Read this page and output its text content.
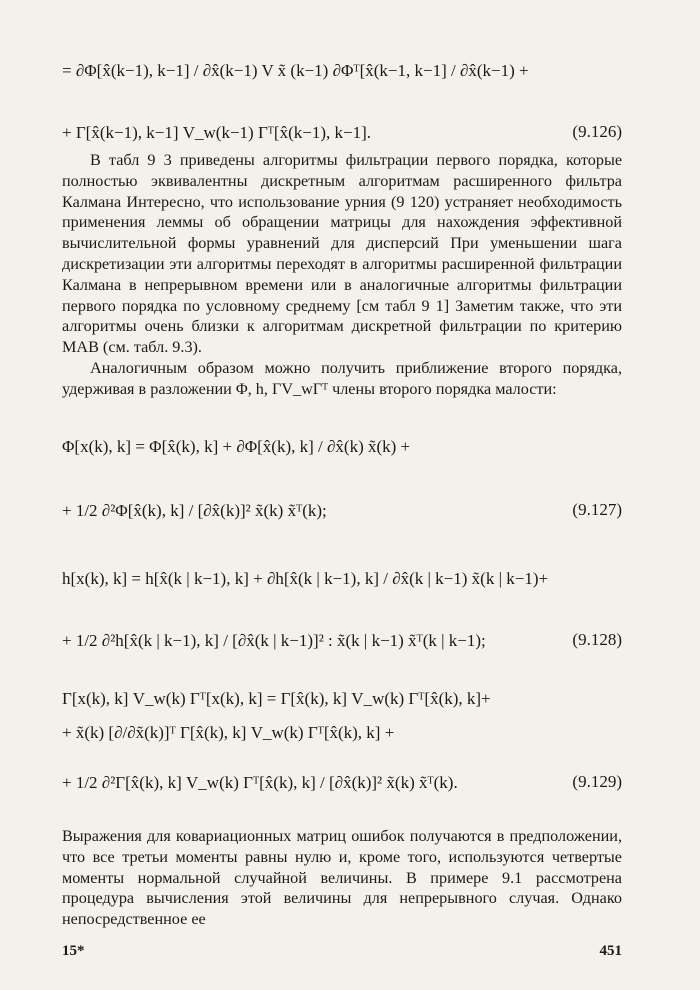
= ∂Φ[x̂(k−1), k−1] / ∂x̂(k−1) V x̃ (k−1) ∂Φᵀ[x̂(k−1, k−1] / ∂x̂(k−1) +
+ Γ[x̂(k−1), k−1] V_w(k−1) Γᵀ[x̂(k−1), k−1].	(9.126)

В табл 9 3 приведены алгоритмы фильтрации первого порядка, которые полностью эквивалентны дискретным алгоритмам расширенного фильтра Калмана Интересно, что использование урния (9 120) устраняет необходимость применения леммы об обращении матрицы для нахождения эффективной вычислительной формы уравнений для дисперсий При уменьшении шага дискретизации эти алгоритмы переходят в алгоритмы расширенной фильтрации Калмана в непрерывном времени или в аналогичные алгоритмы фильтрации первого порядка по условному среднему [см табл 9 1] Заметим также, что эти алгоритмы очень близки к алгоритмам дискретной фильтрации по критерию МАВ (см. табл. 9.3).

Аналогичным образом можно получить приближение второго порядка, удерживая в разложении Φ, h, ΓV_wΓᵀ члены второго порядка малости:

Φ[x(k), k] = Φ[x̂(k), k] + ∂Φ[x̂(k), k] / ∂x̂(k) x̃(k) +
+ 1/2 ∂²Φ[x̂(k), k] / [∂x̂(k)]² x̃(k) x̃ᵀ(k);	(9.127)
h[x(k), k] = h[x̂(k | k−1), k] + ∂h[x̂(k | k−1), k] / ∂x̂(k | k−1) x̃(k | k−1)+
+ 1/2 ∂²h[x̂(k | k−1), k] / [∂x̂(k | k−1)]² : x̃(k | k−1) x̃ᵀ(k | k−1);	(9.128)
Γ[x(k), k] V_w(k) Γᵀ[x(k), k] = Γ[x̂(k), k] V_w(k) Γᵀ[x̂(k), k]+
+ x̃(k) [∂/∂x̃(k)]ᵀ Γ[x̂(k), k] V_w(k) Γᵀ[x̂(k), k] +
+ 1/2 ∂²Γ[x̂(k), k] V_w(k) Γᵀ[x̂(k), k] / [∂x̂(k)]² x̃(k) x̃ᵀ(k).	(9.129)

Выражения для ковариационных матриц ошибок получаются в предположении, что все третьи моменты равны нулю и, кроме того, используются четвертые моменты нормальной случайной величины. В примере 9.1 рассмотрена процедура вычисления этой величины для непрерывного случая. Однако непосредственное ее

15*	451
